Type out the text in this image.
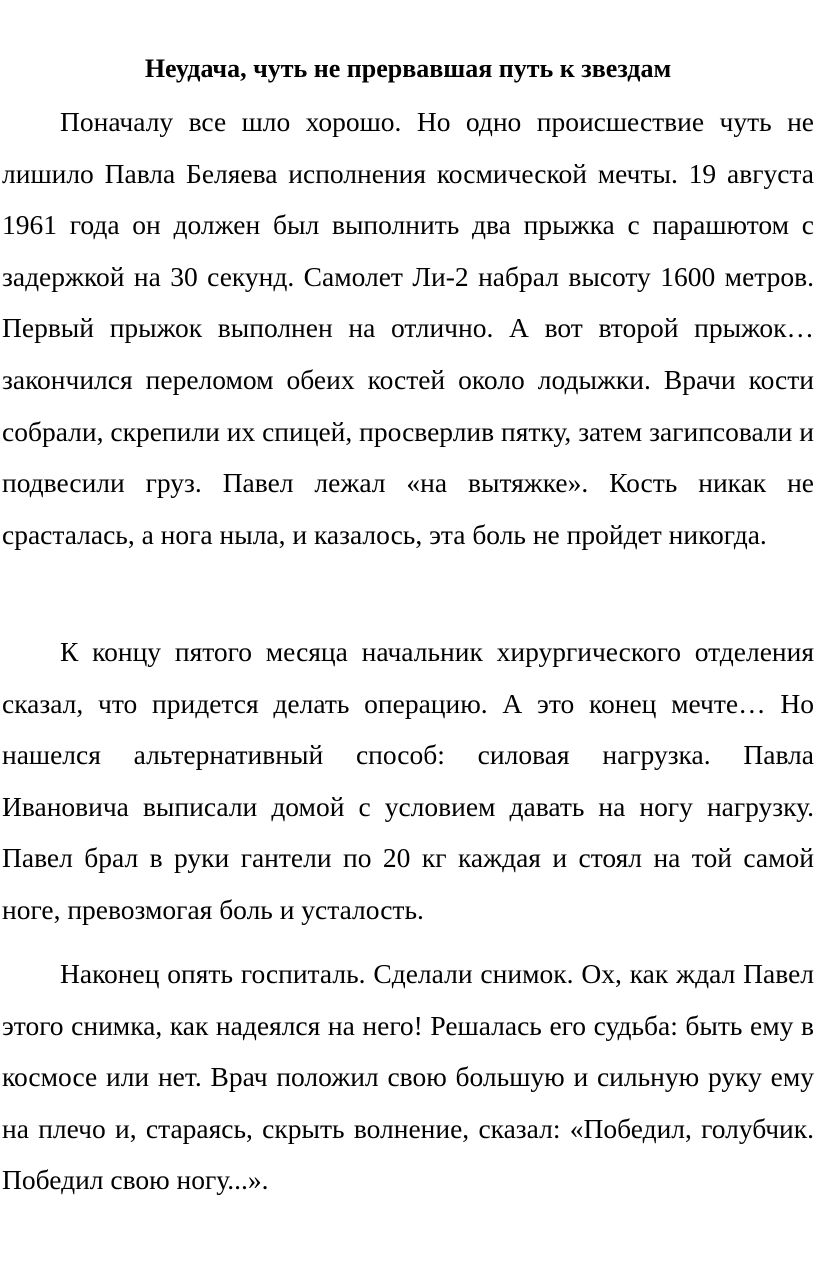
Неудача, чуть не прервавшая путь к звездам

Поначалу все шло хорошо. Но одно происшествие чуть не лишило Павла Беляева исполнения космической мечты. 19 августа 1961 года он должен был выполнить два прыжка с парашютом с задержкой на 30 секунд. Самолет Ли-2 набрал высоту 1600 метров. Первый прыжок выполнен на отлично. А вот второй прыжок… закончился переломом обеих костей около лодыжки. Врачи кости собрали, скрепили их спицей, просверлив пятку, затем загипсовали и подвесили груз. Павел лежал «на вытяжке». Кость никак не срасталась, а нога ныла, и казалось, эта боль не пройдет никогда.

К концу пятого месяца начальник хирургического отделения сказал, что придется делать операцию. А это конец мечте… Но нашелся альтернативный способ: силовая нагрузка. Павла Ивановича выписали домой с условием давать на ногу нагрузку. Павел брал в руки гантели по 20 кг каждая и стоял на той самой ноге, превозмогая боль и усталость.

Наконец опять госпиталь. Сделали снимок. Ох, как ждал Павел этого снимка, как надеялся на него! Решалась его судьба: быть ему в космосе или нет. Врач положил свою большую и сильную руку ему на плечо и, стараясь, скрыть волнение, сказал: «Победил, голубчик. Победил свою ногу...».
